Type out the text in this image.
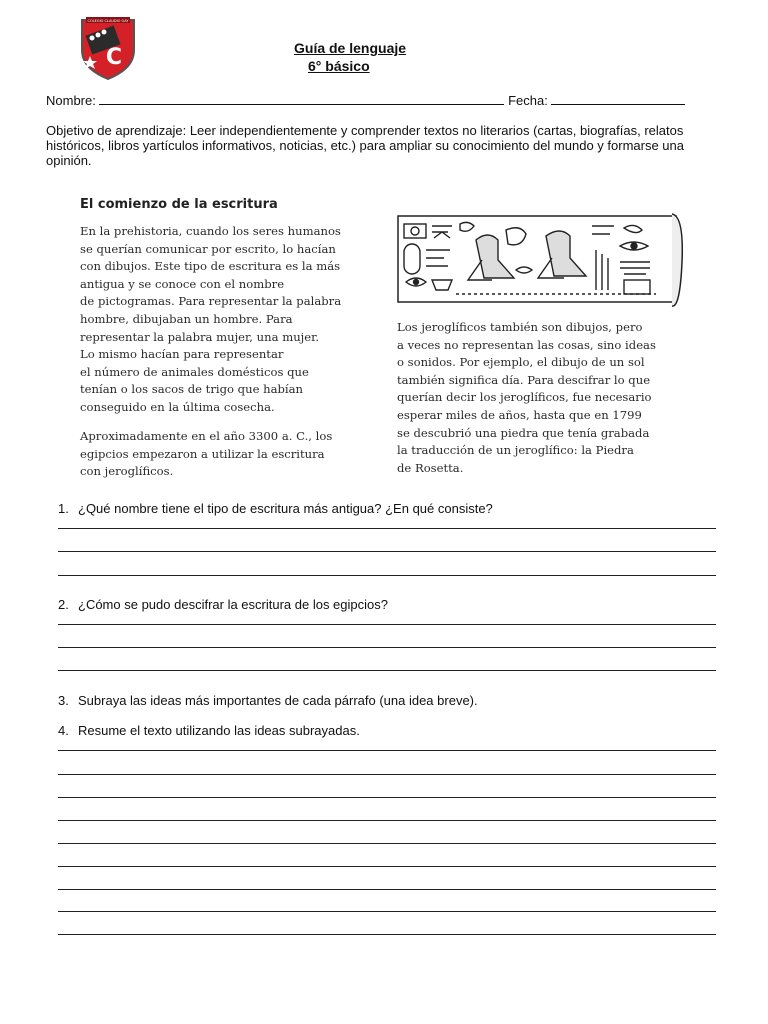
COLEGIO CLAUDIO GAY
C	Guía de lenguaje
6° básico
Nombre:	Fecha:
Objetivo de aprendizaje: Leer independientemente y comprender textos no literarios (cartas, biografías, relatos históricos, libros yartículos informativos, noticias, etc.) para ampliar su conocimiento del mundo y formarse una opinión.
El comienzo de la escritura
En la prehistoria, cuando los seres humanos
se querían comunicar por escrito, lo hacían
con dibujos. Este tipo de escritura es la más
antigua y se conoce con el nombre
de pictogramas. Para representar la palabra
hombre, dibujaban un hombre. Para
representar la palabra mujer, una mujer.
Lo mismo hacían para representar
el número de animales domésticos que
tenían o los sacos de trigo que habían
conseguido en la última cosecha.
Aproximadamente en el año 3300 a. C., los
egipcios empezaron a utilizar la escritura
con jeroglíficos.
Los jeroglíficos también son dibujos, pero
a veces no representan las cosas, sino ideas
o sonidos. Por ejemplo, el dibujo de un sol
también significa día. Para descifrar lo que
querían decir los jeroglíficos, fue necesario
esperar miles de años, hasta que en 1799
se descubrió una piedra que tenía grabada
la traducción de un jeroglífico: la Piedra
de Rosetta.
1. ¿Qué nombre tiene el tipo de escritura más antigua? ¿En qué consiste?
2. ¿Cómo se pudo descifrar la escritura de los egipcios?
3. Subraya las ideas más importantes de cada párrafo (una idea breve).
4. Resume el texto utilizando las ideas subrayadas.
